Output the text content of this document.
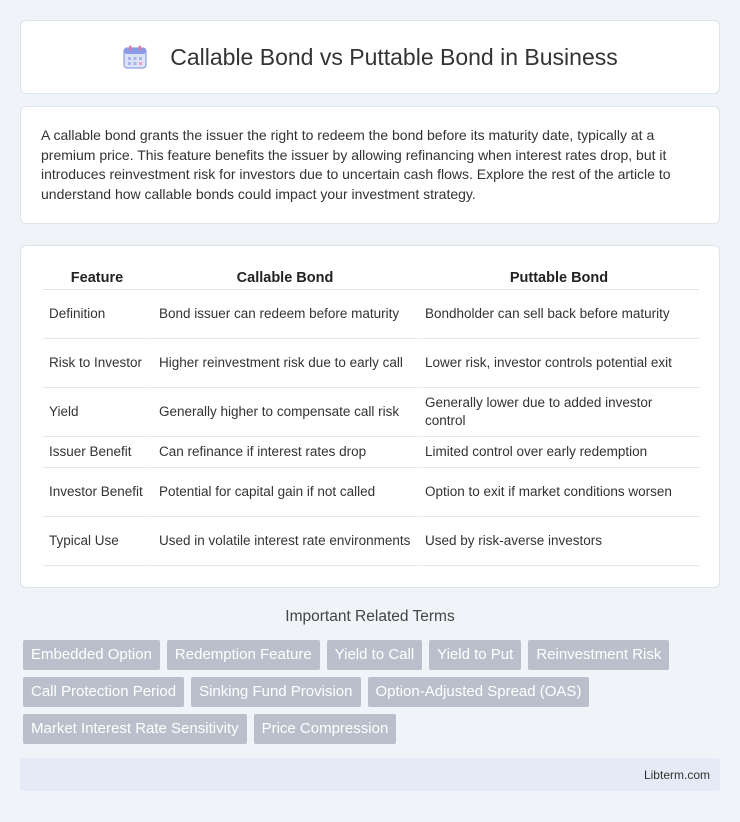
Callable Bond vs Puttable Bond in Business

A callable bond grants the issuer the right to redeem the bond before its maturity date, typically at a premium price. This feature benefits the issuer by allowing refinancing when interest rates drop, but it introduces reinvestment risk for investors due to uncertain cash flows. Explore the rest of the article to understand how callable bonds could impact your investment strategy.

Feature	Callable Bond	Puttable Bond
Definition	Bond issuer can redeem before maturity	Bondholder can sell back before maturity
Risk to Investor	Higher reinvestment risk due to early call	Lower risk, investor controls potential exit
Yield	Generally higher to compensate call risk	Generally lower due to added investor control
Issuer Benefit	Can refinance if interest rates drop	Limited control over early redemption
Investor Benefit	Potential for capital gain if not called	Option to exit if market conditions worsen
Typical Use	Used in volatile interest rate environments	Used by risk-averse investors
Important Related Terms
Embedded Option	Redemption Feature	Yield to Call	Yield to Put	Reinvestment Risk
Call Protection Period	Sinking Fund Provision	Option-Adjusted Spread (OAS)
Market Interest Rate Sensitivity	Price Compression
Libterm.com
